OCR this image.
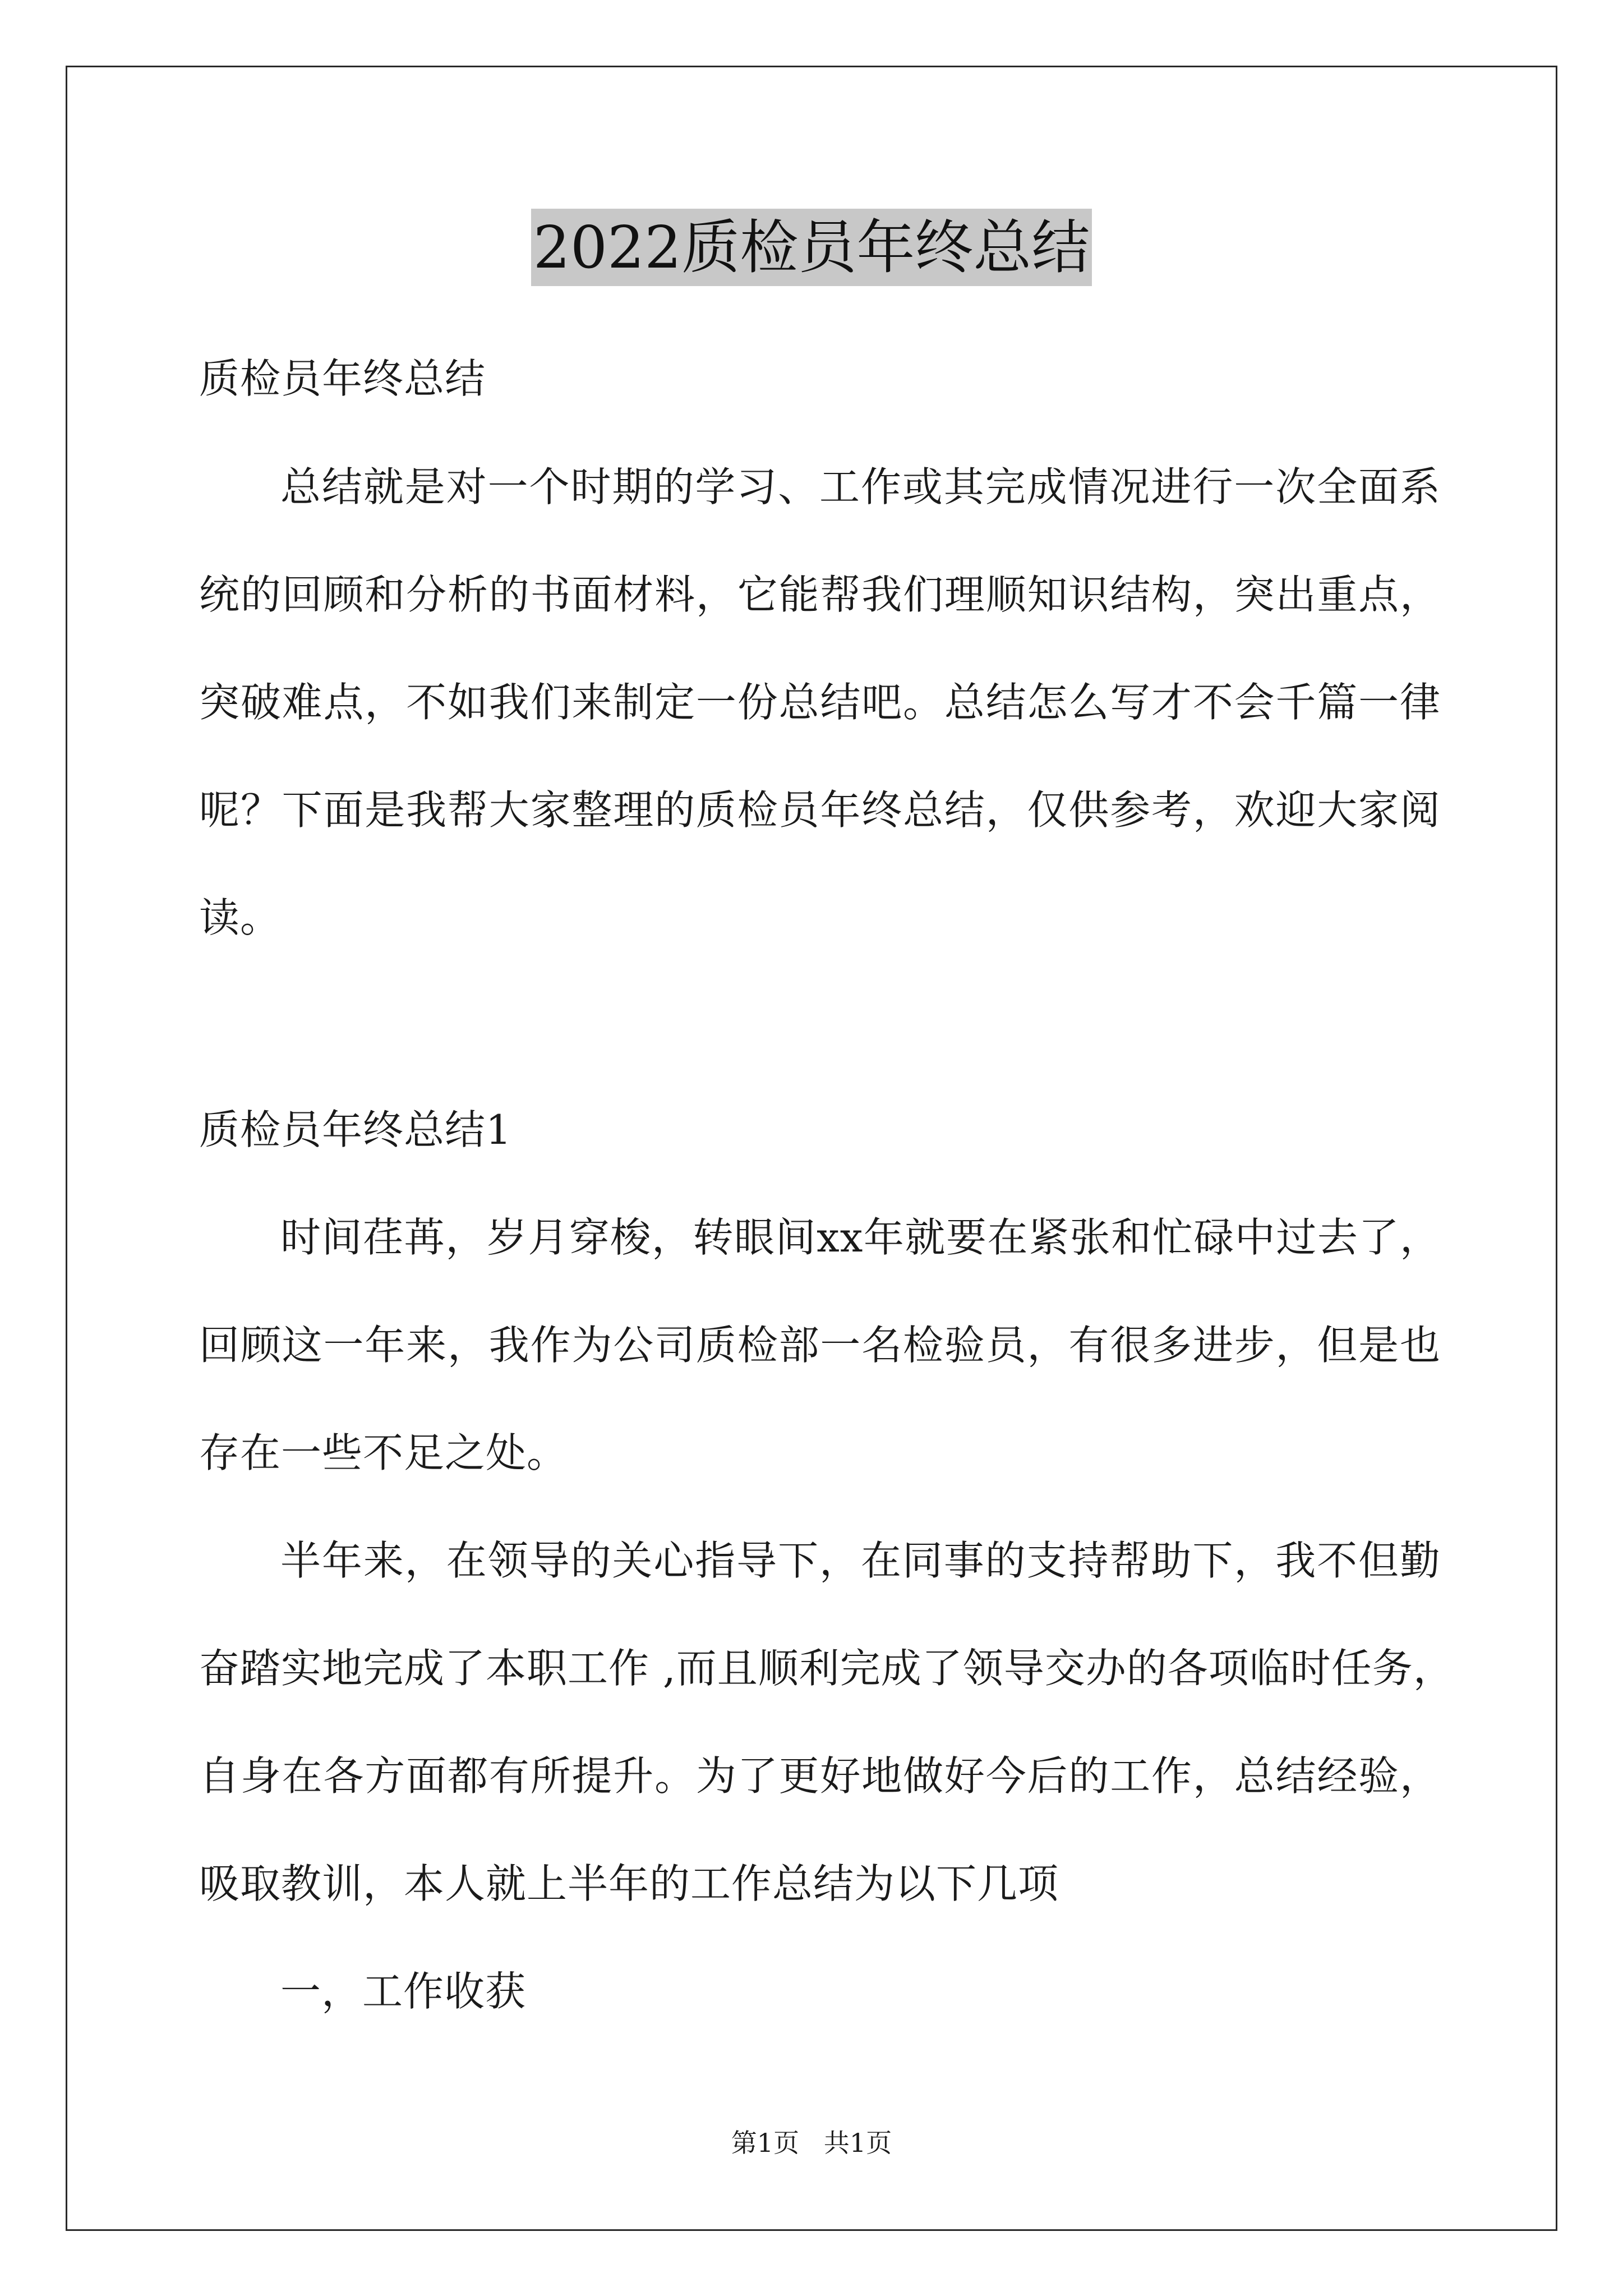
2022质检员年终总结
质检员年终总结
总结就是对一个时期的学习、工作或其完成情况进行一次全面系
统的回顾和分析的书面材料，它能帮我们理顺知识结构，突出重点，
突破难点，不如我们来制定一份总结吧。总结怎么写才不会千篇一律
呢？下面是我帮大家整理的质检员年终总结，仅供参考，欢迎大家阅
读。
质检员年终总结1
时间荏苒，岁月穿梭，转眼间xx年就要在紧张和忙碌中过去了，
回顾这一年来，我作为公司质检部一名检验员，有很多进步，但是也
存在一些不足之处。
半年来，在领导的关心指导下，在同事的支持帮助下，我不但勤
奋踏实地完成了本职工作 ,而且顺利完成了领导交办的各项临时任务，
自身在各方面都有所提升。为了更好地做好今后的工作，总结经验，
吸取教训，本人就上半年的工作总结为以下几项
一，工作收获
第1页   共1页
